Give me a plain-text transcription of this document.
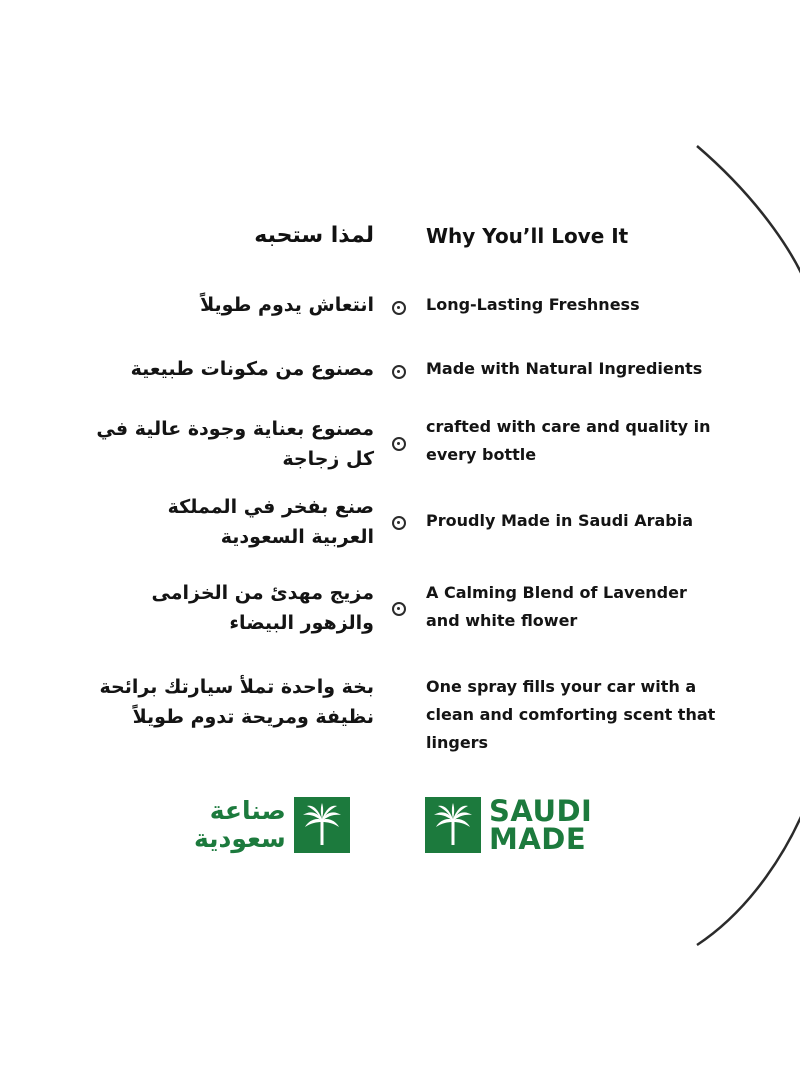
Why You’ll Love It
لمذا ستحبه
انتعاش يدوم طويلاً	Long-Lasting Freshness
مصنوع من مكونات طبيعية	Made with Natural Ingredients
مصنوع بعناية وجودة عالية في كل زجاجة
crafted with care and quality in every bottle
صنع بفخر في المملكة العربية السعودية
Proudly Made in Saudi Arabia
مزيج مهدئ من الخزامى والزهور البيضاء
A Calming Blend of Lavender and white flower
بخة واحدة تملأ سيارتك برائحة نظيفة ومريحة تدوم طويلاً
One spray fills your car with a clean and comforting scent that lingers
صناعة
سعودية
SAUDI
MADE
